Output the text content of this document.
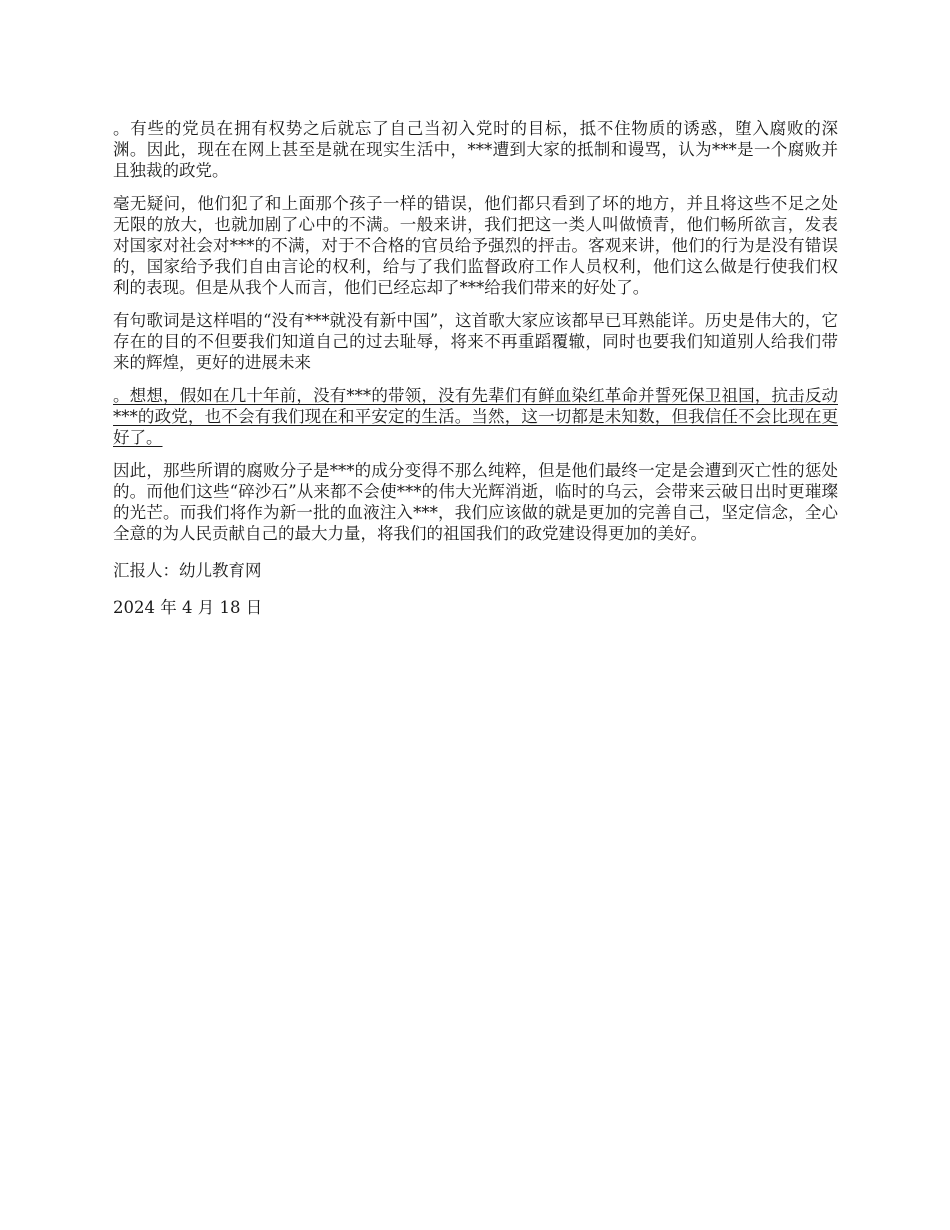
。有些的党员在拥有权势之后就忘了自己当初入党时的目标，抵不住物质的诱惑，堕入腐败的深渊。因此，现在在网上甚至是就在现实生活中，***遭到大家的抵制和谩骂，认为***是一个腐败并且独裁的政党。

毫无疑问，他们犯了和上面那个孩子一样的错误，他们都只看到了坏的地方，并且将这些不足之处无限的放大，也就加剧了心中的不满。一般来讲，我们把这一类人叫做愤青，他们畅所欲言，发表对国家对社会对***的不满，对于不合格的官员给予强烈的抨击。客观来讲，他们的行为是没有错误的，国家给予我们自由言论的权利，给与了我们监督政府工作人员权利，他们这么做是行使我们权利的表现。但是从我个人而言，他们已经忘却了***给我们带来的好处了。

有句歌词是这样唱的“没有***就没有新中国”，这首歌大家应该都早已耳熟能详。历史是伟大的，它存在的目的不但要我们知道自己的过去耻辱，将来不再重蹈覆辙，同时也要我们知道别人给我们带来的辉煌，更好的进展未来

。想想，假如在几十年前，没有***的带领，没有先辈们有鲜血染红革命并誓死保卫祖国，抗击反动***的政党，也不会有我们现在和平安定的生活。当然，这一切都是未知数，但我信任不会比现在更好了。

因此，那些所谓的腐败分子是***的成分变得不那么纯粹，但是他们最终一定是会遭到灭亡性的惩处的。而他们这些“碎沙石”从来都不会使***的伟大光辉消逝，临时的乌云，会带来云破日出时更璀璨的光芒。而我们将作为新一批的血液注入***，我们应该做的就是更加的完善自己，坚定信念，全心全意的为人民贡献自己的最大力量，将我们的祖国我们的政党建设得更加的美好。

汇报人：幼儿教育网

2024 年 4 月 18 日
